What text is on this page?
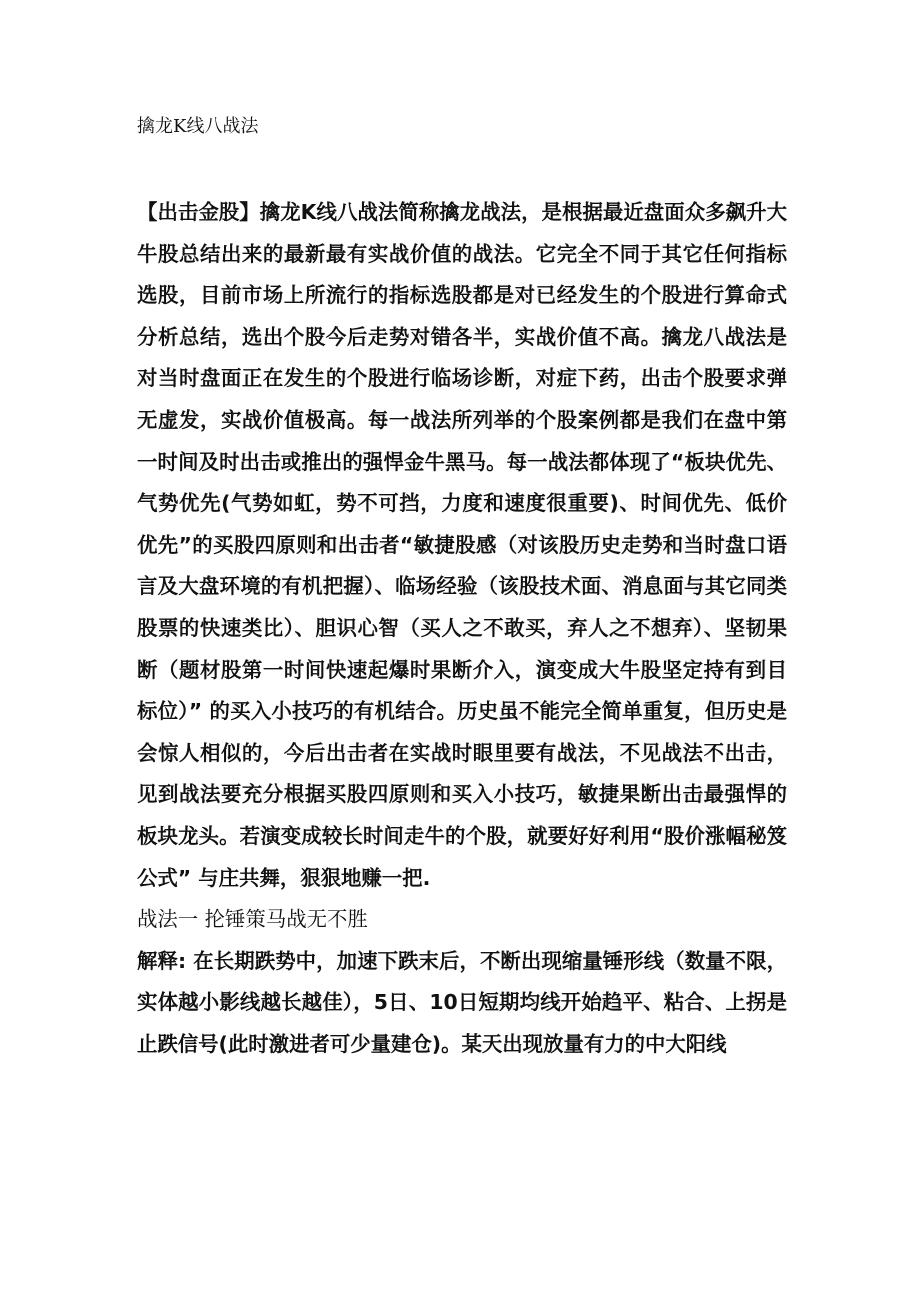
擒龙K线八战法

【出击金股】擒龙K线八战法简称擒龙战法，是根据最近盘面众多飙升大牛股总结出来的最新最有实战价值的战法。它完全不同于其它任何指标选股，目前市场上所流行的指标选股都是对已经发生的个股进行算命式分析总结，选出个股今后走势对错各半，实战价值不高。擒龙八战法是对当时盘面正在发生的个股进行临场诊断，对症下药，出击个股要求弹无虚发，实战价值极高。每一战法所列举的个股案例都是我们在盘中第一时间及时出击或推出的强悍金牛黑马。每一战法都体现了“板块优先、气势优先(气势如虹，势不可挡，力度和速度很重要)、时间优先、低价优先”的买股四原则和出击者“敏捷股感（对该股历史走势和当时盘口语言及大盘环境的有机把握）、临场经验（该股技术面、消息面与其它同类股票的快速类比）、胆识心智（买人之不敢买，弃人之不想弃）、坚韧果断（题材股第一时间快速起爆时果断介入，演变成大牛股坚定持有到目标位）” 的买入小技巧的有机结合。历史虽不能完全简单重复，但历史是会惊人相似的，今后出击者在实战时眼里要有战法，不见战法不出击，见到战法要充分根据买股四原则和买入小技巧，敏捷果断出击最强悍的板块龙头。若演变成较长时间走牛的个股，就要好好利用“股价涨幅秘笈公式” 与庄共舞，狠狠地赚一把.

战法一 抡锤策马战无不胜

解释: 在长期跌势中，加速下跌末后，不断出现缩量锤形线（数量不限，实体越小影线越长越佳），5日、10日短期均线开始趋平、粘合、上拐是止跌信号(此时激进者可少量建仓)。某天出现放量有力的中大阳线
